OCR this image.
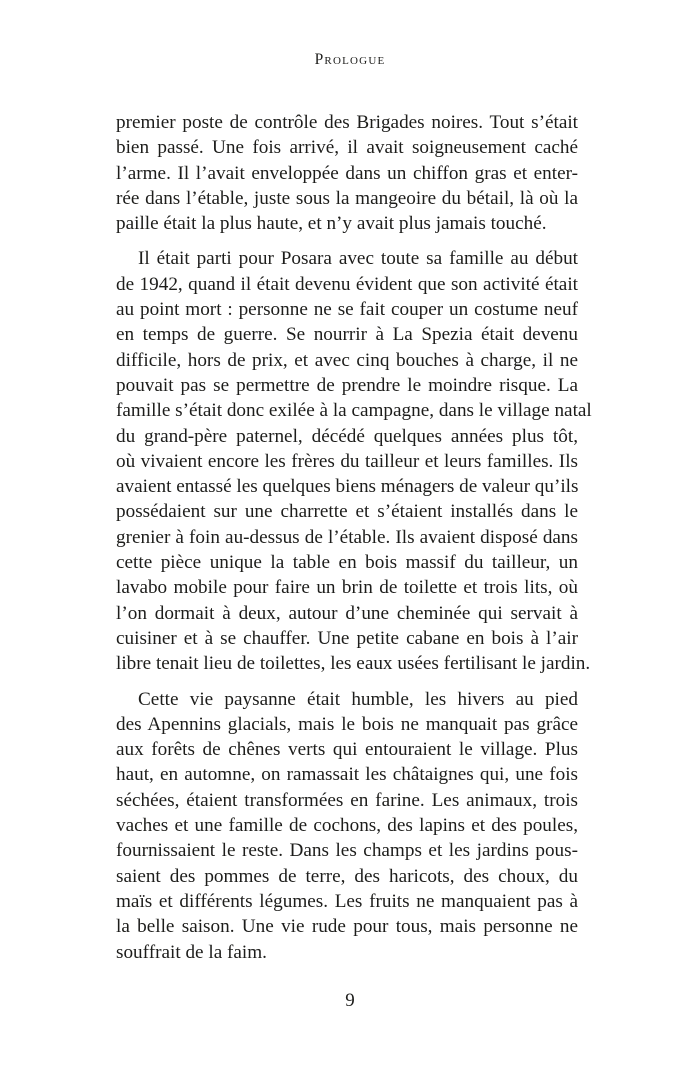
Prologue
premier poste de contrôle des Brigades noires. Tout s’était
bien passé. Une fois arrivé, il avait soigneusement caché
l’arme. Il l’avait enveloppée dans un chiffon gras et enter-
rée dans l’étable, juste sous la mangeoire du bétail, là où la
paille était la plus haute, et n’y avait plus jamais touché.
Il était parti pour Posara avec toute sa famille au début
de 1942, quand il était devenu évident que son activité était
au point mort : personne ne se fait couper un costume neuf
en temps de guerre. Se nourrir à La Spezia était devenu
difficile, hors de prix, et avec cinq bouches à charge, il ne
pouvait pas se permettre de prendre le moindre risque. La
famille s’était donc exilée à la campagne, dans le village natal
du grand-père paternel, décédé quelques années plus tôt,
où vivaient encore les frères du tailleur et leurs familles. Ils
avaient entassé les quelques biens ménagers de valeur qu’ils
possédaient sur une charrette et s’étaient installés dans le
grenier à foin au-dessus de l’étable. Ils avaient disposé dans
cette pièce unique la table en bois massif du tailleur, un
lavabo mobile pour faire un brin de toilette et trois lits, où
l’on dormait à deux, autour d’une cheminée qui servait à
cuisiner et à se chauffer. Une petite cabane en bois à l’air
libre tenait lieu de toilettes, les eaux usées fertilisant le jardin.
Cette vie paysanne était humble, les hivers au pied
des Apennins glacials, mais le bois ne manquait pas grâce
aux forêts de chênes verts qui entouraient le village. Plus
haut, en automne, on ramassait les châtaignes qui, une fois
séchées, étaient transformées en farine. Les animaux, trois
vaches et une famille de cochons, des lapins et des poules,
fournissaient le reste. Dans les champs et les jardins pous-
saient des pommes de terre, des haricots, des choux, du
maïs et différents légumes. Les fruits ne manquaient pas à
la belle saison. Une vie rude pour tous, mais personne ne
souffrait de la faim.
9
